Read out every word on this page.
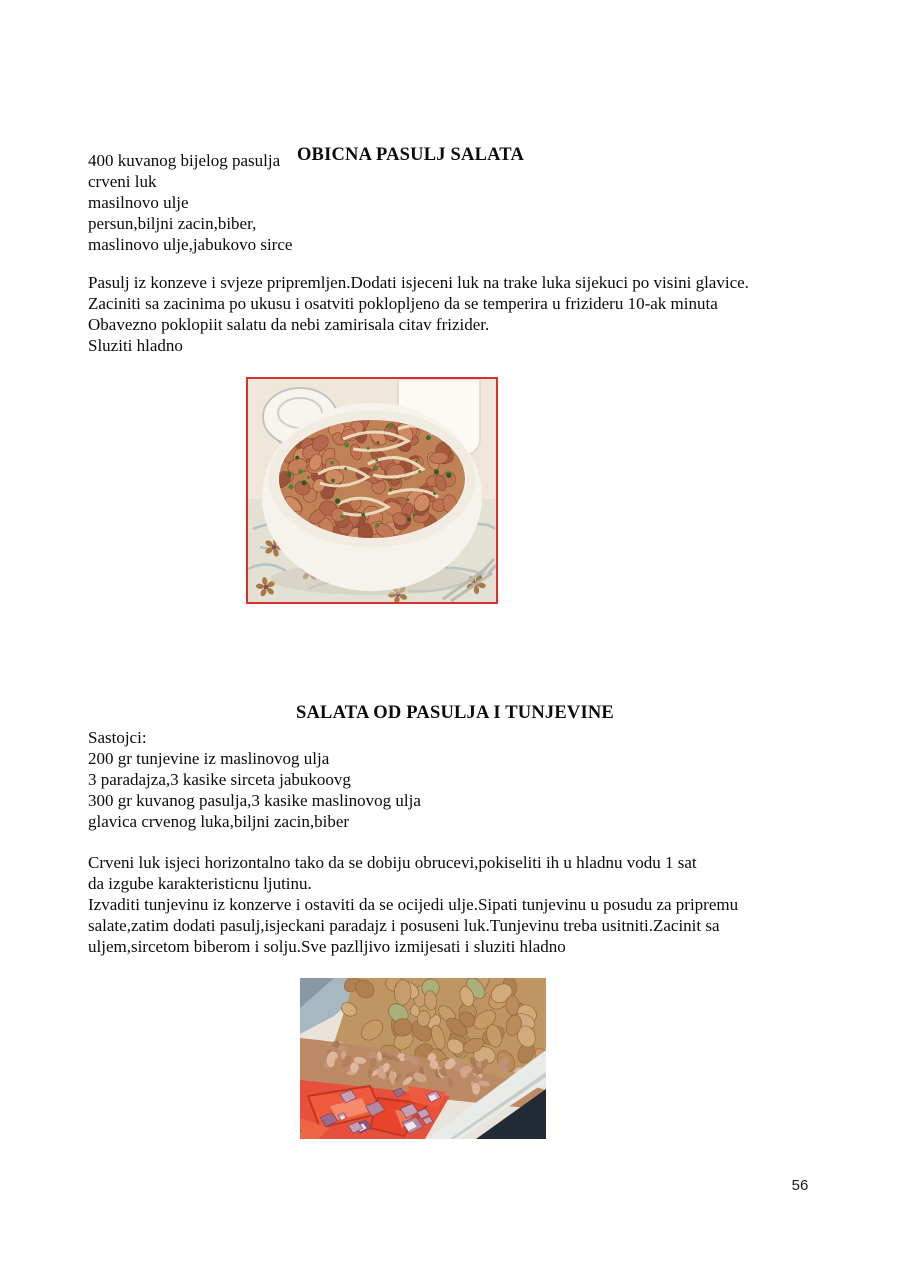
OBICNA PASULJ SALATA
400 kuvanog bijelog pasulja
crveni luk
masilnovo ulje
persun,biljni zacin,biber,
maslinovo ulje,jabukovo sirce
Pasulj iz konzeve i svjeze pripremljen.Dodati isjeceni luk na trake luka sijekuci po visini glavice.
Zaciniti sa zacinima po ukusu i osatviti poklopljeno da se temperira u frizideru 10-ak minuta
Obavezno poklopiit salatu da nebi zamirisala citav frizider.
Sluziti hladno
SALATA OD PASULJA I TUNJEVINE
Sastojci:
200 gr tunjevine iz maslinovog ulja
3 paradajza,3 kasike sirceta jabukoovg
300 gr kuvanog pasulja,3 kasike maslinovog ulja
glavica crvenog luka,biljni zacin,biber
Crveni luk isjeci horizontalno tako da se dobiju obrucevi,pokiseliti ih u hladnu vodu 1 sat
da izgube karakteristicnu ljutinu.
Izvaditi tunjevinu iz konzerve i ostaviti da se ocijedi ulje.Sipati tunjevinu u posudu za pripremu
salate,zatim dodati pasulj,isjeckani paradajz i posuseni luk.Tunjevinu treba usitniti.Zacinit sa
uljem,sircetom biberom i solju.Sve pazlljivo izmijesati i sluziti hladno
56
